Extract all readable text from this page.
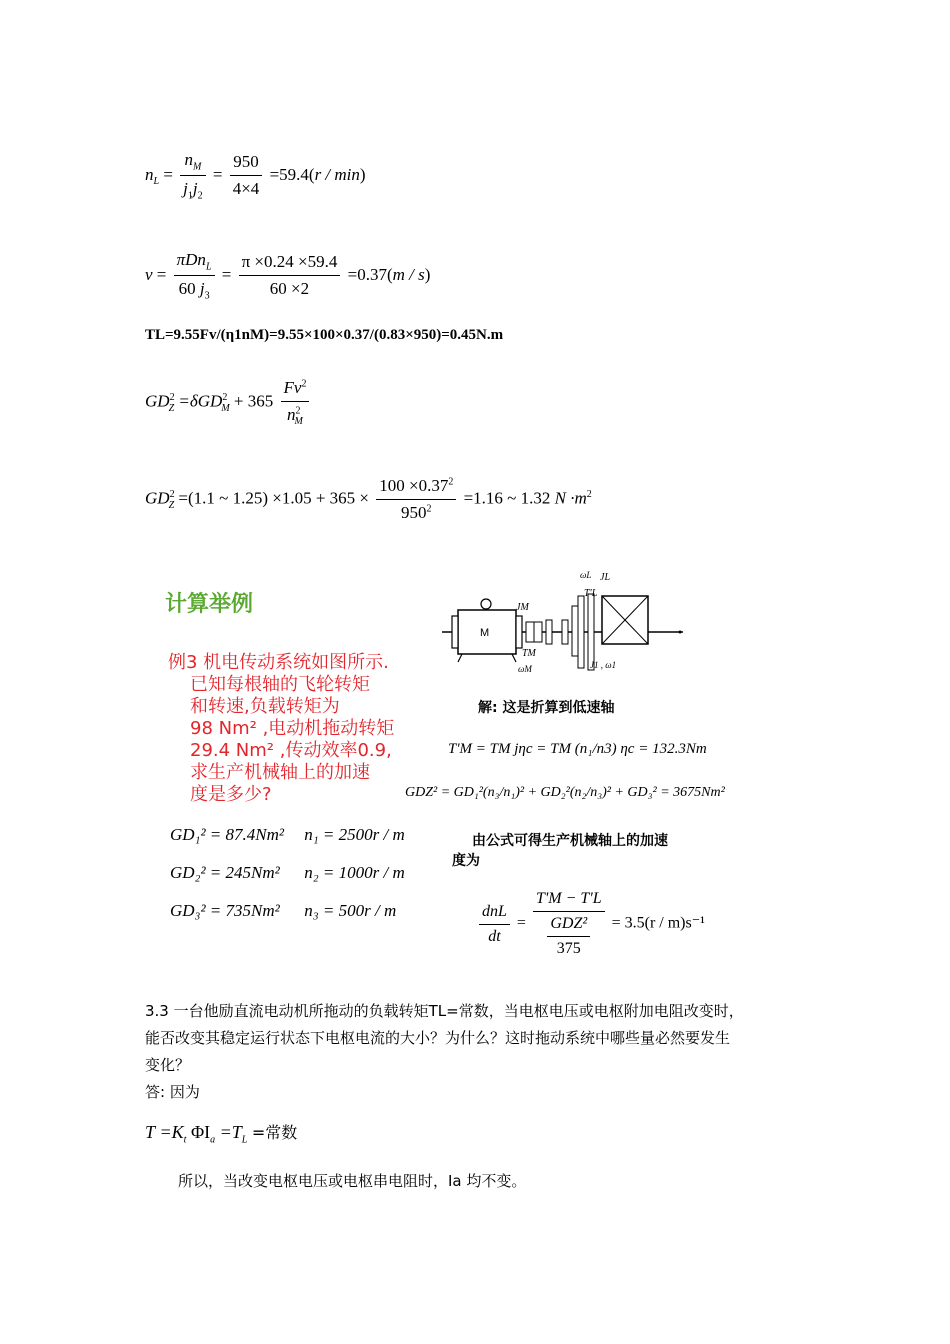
$n_L = \frac{n_M}{j_1j_2} = \frac{950}{4\times 4} =59.4(r / \min)$
$v = \frac{\pi Dn_L}{60 j_3} = \frac{\pi \times 0.24 \times 59.4}{60 \times 2} =0.37(m / s)$
TL=9.55Fv/(η1nM)=9.55×100×0.37/(0.83×950)=0.45N.m
$GD^2_Z =\delta GD^2_M + 365 \frac{Fv^2}{n^2_M}$
$GD^2_Z =(1.1$ ~ $1.25) \times 1.05 + 365 \times \frac{100 \times 0.37^2}{950^2} =1.16$ ~ 1.32 $N \cdot m^2$
计算举例
例3 机电传动系统如图所示.
已知每根轴的飞轮转矩
和转速,负载转矩为
98 Nm² ,电动机拖动转矩
29.4 Nm² ,传动效率0.9,
求生产机械轴上的加速
度是多少?
GD₁² = 87.4Nm² n₁ = 2500r / m
GD₂² = 245Nm² n₂ = 1000r / m
GD₃² = 735Nm² n₃ = 500r / m
M
JM
TM
ωM
ωL JL
T'L
J1 , ω1
解: 这是折算到低速轴
T'M = TM jηc = TM (n₁/n3) ηc = 132.3Nm
GDZ² = GD₁²(n₃/n₁)² + GD₂²(n₂/n₃)² + GD₃² = 3675Nm²
由公式可得生产机械轴上的加速
度为
$\frac{\text{dnL}}{dt} = \frac{T'M - T'L}{\frac{\text{GDZ²}}{375}} = 3.5(r / m)s^{-1}$
3.3 一台他励直流电动机所拖动的负载转矩TL=常数，当电枢电压或电枢附加电阻改变时，
能否改变其稳定运行状态下电枢电流的大小？为什么？这时拖动系统中哪些量必然要发生
变化？
答: 因为
$T =K_t$ $\Phi I_a =T_L$ =常数
所以，当改变电枢电压或电枢串电阻时，Ia 均不变。
